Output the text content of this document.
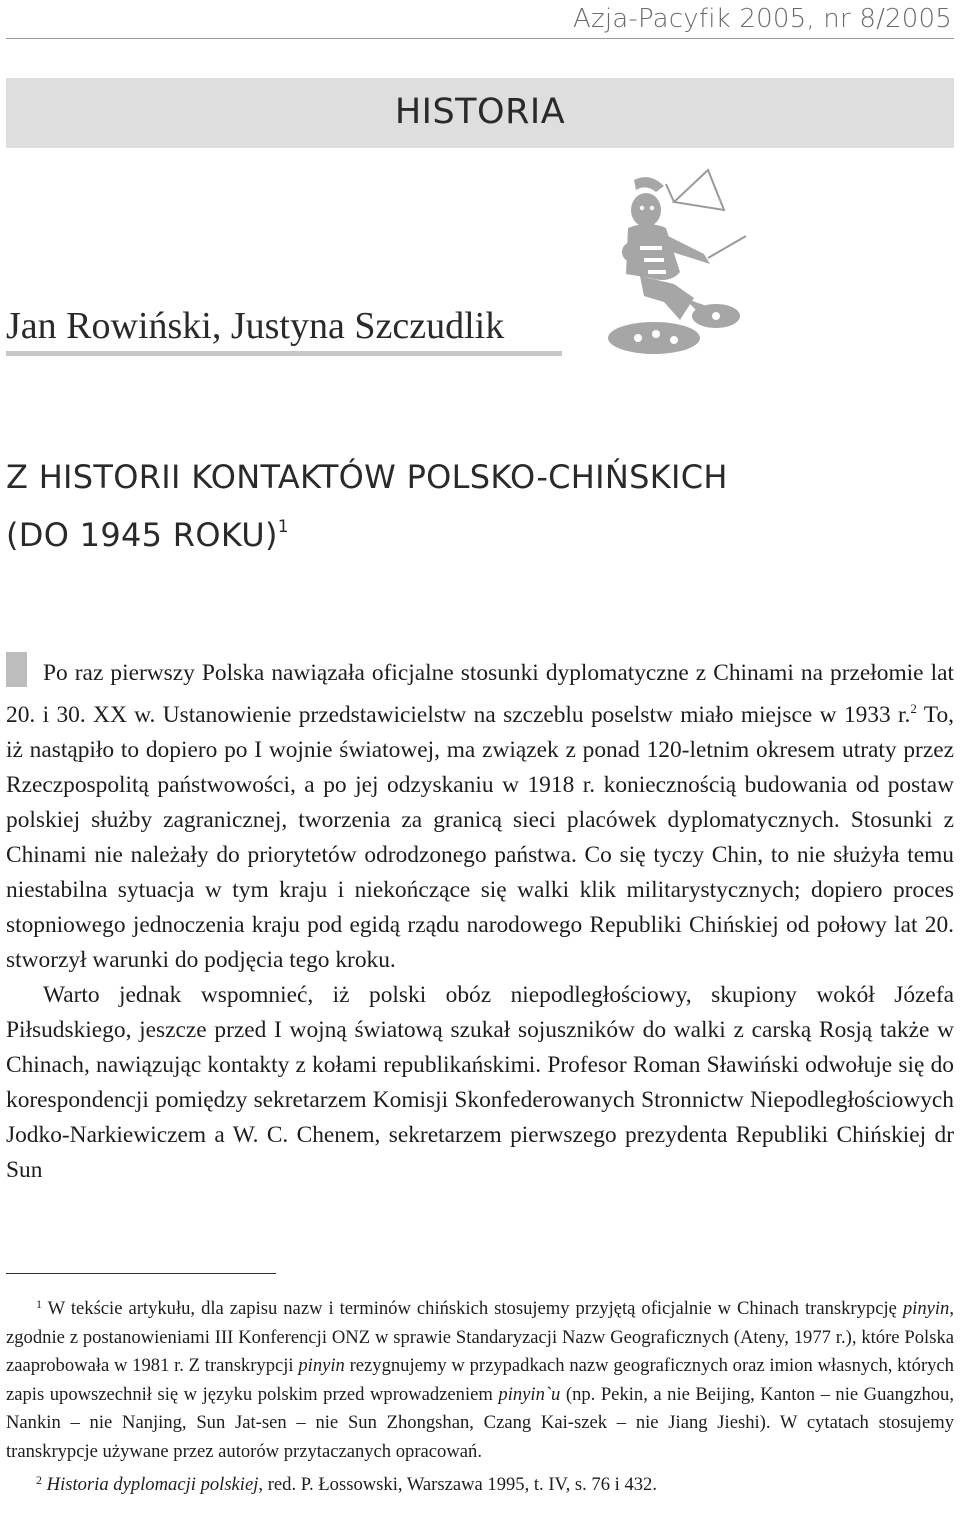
Azja-Pacyfik 2005, nr 8/2005
HISTORIA
Jan Rowiński, Justyna Szczudlik
Z HISTORII KONTAKTÓW POLSKO-CHIŃSKICH
(DO 1945 ROKU)$^1$

Po raz pierwszy Polska nawiązała oficjalne stosunki dyplomatyczne z Chinami na przełomie lat 20. i 30. XX w. Ustanowienie przedstawicielstw na szczeblu poselstw miało miejsce w 1933 r.$^2$ To, iż nastąpiło to dopiero po I wojnie światowej, ma związek z ponad 120-letnim okresem utraty przez Rzeczpospolitą państwowości, a po jej odzyskaniu w 1918 r. koniecznością budowania od postaw polskiej służby zagranicznej, tworzenia za granicą sieci placówek dyplomatycznych. Stosunki z Chinami nie należały do priorytetów odrodzonego państwa. Co się tyczy Chin, to nie służyła temu niestabilna sytuacja w tym kraju i niekończące się walki klik militarystycznych; dopiero proces stopniowego jednoczenia kraju pod egidą rządu narodowego Republiki Chińskiej od połowy lat 20. stworzył warunki do podjęcia tego kroku.

Warto jednak wspomnieć, iż polski obóz niepodległościowy, skupiony wokół Józefa Piłsudskiego, jeszcze przed I wojną światową szukał sojuszników do walki z carską Rosją także w Chinach, nawiązując kontakty z kołami republikańskimi. Profesor Roman Sławiński odwołuje się do korespondencji pomiędzy sekretarzem Komisji Skonfederowanych Stronnictw Niepodległościowych Jodko-Narkiewiczem a W. C. Chenem, sekretarzem pierwszego prezydenta Republiki Chińskiej dr Sun

$^1$ W tekście artykułu, dla zapisu nazw i terminów chińskich stosujemy przyjętą oficjalnie w Chinach transkrypcję pinyin, zgodnie z postanowieniami III Konferencji ONZ w sprawie Standaryzacji Nazw Geograficznych (Ateny, 1977 r.), które Polska zaaprobowała w 1981 r. Z transkrypcji pinyin rezygnujemy w przypadkach nazw geograficznych oraz imion własnych, których zapis upowszechnił się w języku polskim przed wprowadzeniem pinyin`u (np. Pekin, a nie Beijing, Kanton – nie Guangzhou, Nankin – nie Nanjing, Sun Jat-sen – nie Sun Zhongshan, Czang Kai-szek – nie Jiang Jieshi). W cytatach stosujemy transkrypcje używane przez autorów przytaczanych opracowań.

$^2$ Historia dyplomacji polskiej, red. P. Łossowski, Warszawa 1995, t. IV, s. 76 i 432.
